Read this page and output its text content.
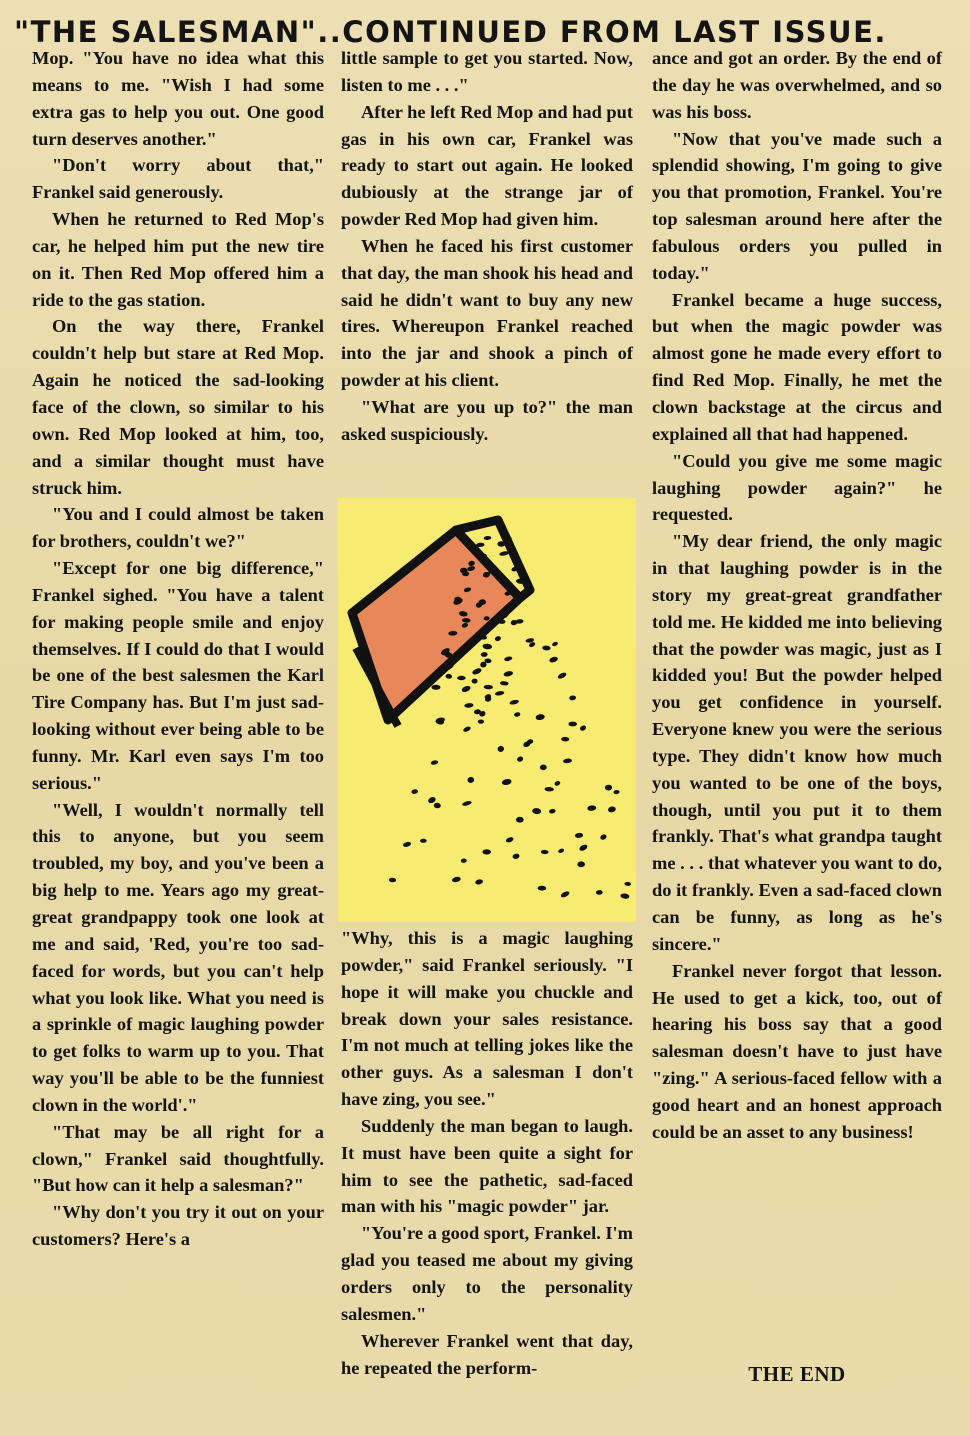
"THE SALESMAN"..CONTINUED FROM LAST ISSUE.

Mop. "You have no idea what this means to me. "Wish I had some extra gas to help you out. One good turn deserves another."

"Don't worry about that," Frankel said generously.

When he returned to Red Mop's car, he helped him put the new tire on it. Then Red Mop offered him a ride to the gas station.

On the way there, Frankel couldn't help but stare at Red Mop. Again he noticed the sad-looking face of the clown, so similar to his own. Red Mop looked at him, too, and a similar thought must have struck him.

"You and I could almost be taken for brothers, couldn't we?"

"Except for one big difference," Frankel sighed. "You have a talent for making people smile and enjoy themselves. If I could do that I would be one of the best salesmen the Karl Tire Company has. But I'm just sad-looking without ever being able to be funny. Mr. Karl even says I'm too serious."

"Well, I wouldn't normally tell this to anyone, but you seem troubled, my boy, and you've been a big help to me. Years ago my great-great grandpappy took one look at me and said, 'Red, you're too sad-faced for words, but you can't help what you look like. What you need is a sprinkle of magic laughing powder to get folks to warm up to you. That way you'll be able to be the funniest clown in the world'."

"That may be all right for a clown," Frankel said thoughtfully. "But how can it help a salesman?"

"Why don't you try it out on your customers? Here's a

little sample to get you started. Now, listen to me . . ."

After he left Red Mop and had put gas in his own car, Frankel was ready to start out again. He looked dubiously at the strange jar of powder Red Mop had given him.

When he faced his first customer that day, the man shook his head and said he didn't want to buy any new tires. Whereupon Frankel reached into the jar and shook a pinch of powder at his client.

"What are you up to?" the man asked suspiciously.

"Why, this is a magic laughing powder," said Frankel seriously. "I hope it will make you chuckle and break down your sales resistance. I'm not much at telling jokes like the other guys. As a salesman I don't have zing, you see."

Suddenly the man began to laugh. It must have been quite a sight for him to see the pathetic, sad-faced man with his "magic powder" jar.

"You're a good sport, Frankel. I'm glad you teased me about my giving orders only to the personality salesmen."

Wherever Frankel went that day, he repeated the perform-

ance and got an order. By the end of the day he was overwhelmed, and so was his boss.

"Now that you've made such a splendid showing, I'm going to give you that promotion, Frankel. You're top salesman around here after the fabulous orders you pulled in today."

Frankel became a huge success, but when the magic powder was almost gone he made every effort to find Red Mop. Finally, he met the clown backstage at the circus and explained all that had happened.

"Could you give me some magic laughing powder again?" he requested.

"My dear friend, the only magic in that laughing powder is in the story my great-great grandfather told me. He kidded me into believing that the powder was magic, just as I kidded you! But the powder helped you get confidence in yourself. Everyone knew you were the serious type. They didn't know how much you wanted to be one of the boys, though, until you put it to them frankly. That's what grandpa taught me . . . that whatever you want to do, do it frankly. Even a sad-faced clown can be funny, as long as he's sincere."

Frankel never forgot that lesson. He used to get a kick, too, out of hearing his boss say that a good salesman doesn't have to just have "zing." A serious-faced fellow with a good heart and an honest approach could be an asset to any business!

THE END
